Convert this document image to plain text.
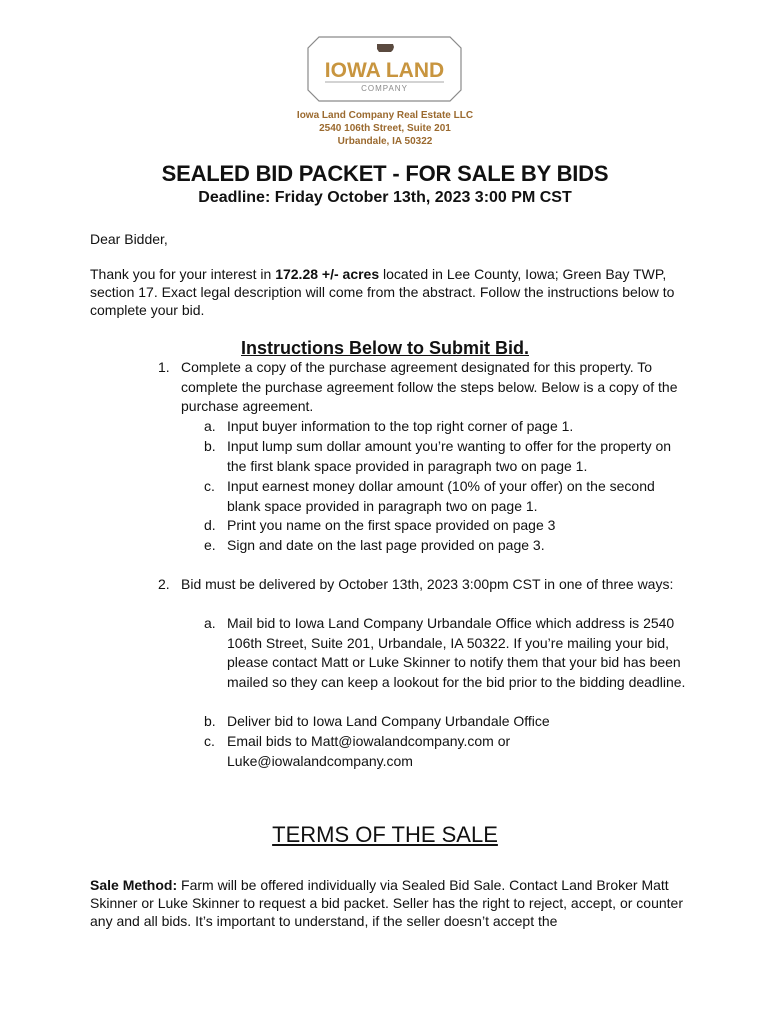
IOWA LAND
COMPANY
Iowa Land Company Real Estate LLC
2540 106th Street, Suite 201
Urbandale, IA 50322
SEALED BID PACKET - FOR SALE BY BIDS
Deadline: Friday October 13th, 2023 3:00 PM CST
Dear Bidder,
Thank you for your interest in 172.28 +/- acres located in Lee County, Iowa; Green Bay TWP, section 17. Exact legal description will come from the abstract. Follow the instructions below to complete your bid.
Instructions Below to Submit Bid.
1. Complete a copy of the purchase agreement designated for this property. To complete the purchase agreement follow the steps below. Below is a copy of the purchase agreement.
a. Input buyer information to the top right corner of page 1.
b. Input lump sum dollar amount you’re wanting to offer for the property on the first blank space provided in paragraph two on page 1.
c. Input earnest money dollar amount (10% of your offer) on the second blank space provided in paragraph two on page 1.
d. Print you name on the first space provided on page 3
e. Sign and date on the last page provided on page 3.
2. Bid must be delivered by October 13th, 2023 3:00pm CST in one of three ways:
a. Mail bid to Iowa Land Company Urbandale Office which address is 2540 106th Street, Suite 201, Urbandale, IA 50322. If you’re mailing your bid, please contact Matt or Luke Skinner to notify them that your bid has been mailed so they can keep a lookout for the bid prior to the bidding deadline.
b. Deliver bid to Iowa Land Company Urbandale Office
c. Email bids to Matt@iowalandcompany.com or Luke@iowalandcompany.com
TERMS OF THE SALE
Sale Method: Farm will be offered individually via Sealed Bid Sale. Contact Land Broker Matt Skinner or Luke Skinner to request a bid packet. Seller has the right to reject, accept, or counter any and all bids. It’s important to understand, if the seller doesn’t accept the
